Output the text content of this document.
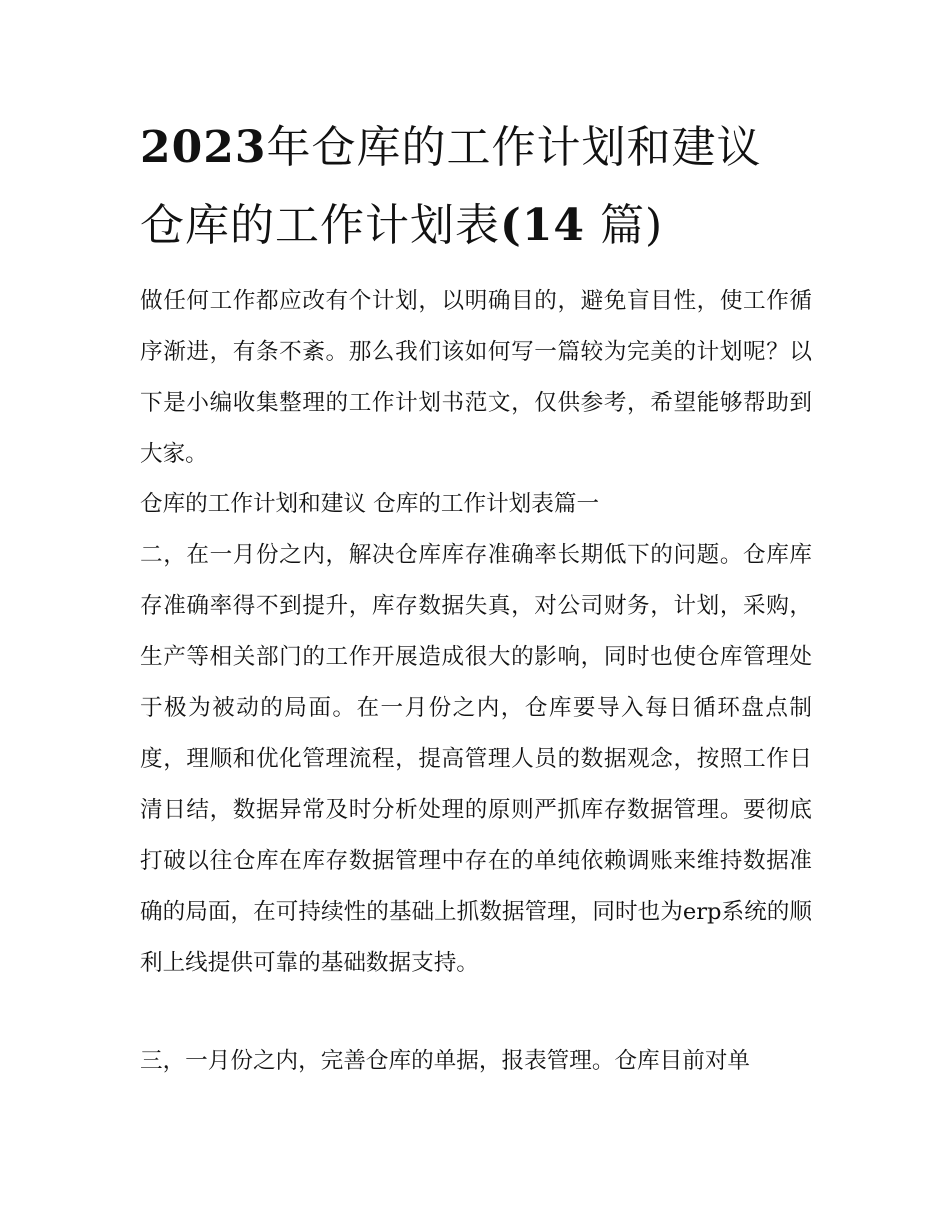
2023年仓库的工作计划和建议
仓库的工作计划表(14 篇)

做任何工作都应改有个计划，以明确目的，避免盲目性，使工作循序渐进，有条不紊。那么我们该如何写一篇较为完美的计划呢？以下是小编收集整理的工作计划书范文，仅供参考，希望能够帮助到大家。

仓库的工作计划和建议 仓库的工作计划表篇一

二，在一月份之内，解决仓库库存准确率长期低下的问题。仓库库存准确率得不到提升，库存数据失真，对公司财务，计划，采购，生产等相关部门的工作开展造成很大的影响，同时也使仓库管理处于极为被动的局面。在一月份之内，仓库要导入每日循环盘点制度，理顺和优化管理流程，提高管理人员的数据观念，按照工作日清日结，数据异常及时分析处理的原则严抓库存数据管理。要彻底打破以往仓库在库存数据管理中存在的单纯依赖调账来维持数据准确的局面，在可持续性的基础上抓数据管理，同时也为erp系统的顺利上线提供可靠的基础数据支持。

三，一月份之内，完善仓库的单据，报表管理。仓库目前对单
